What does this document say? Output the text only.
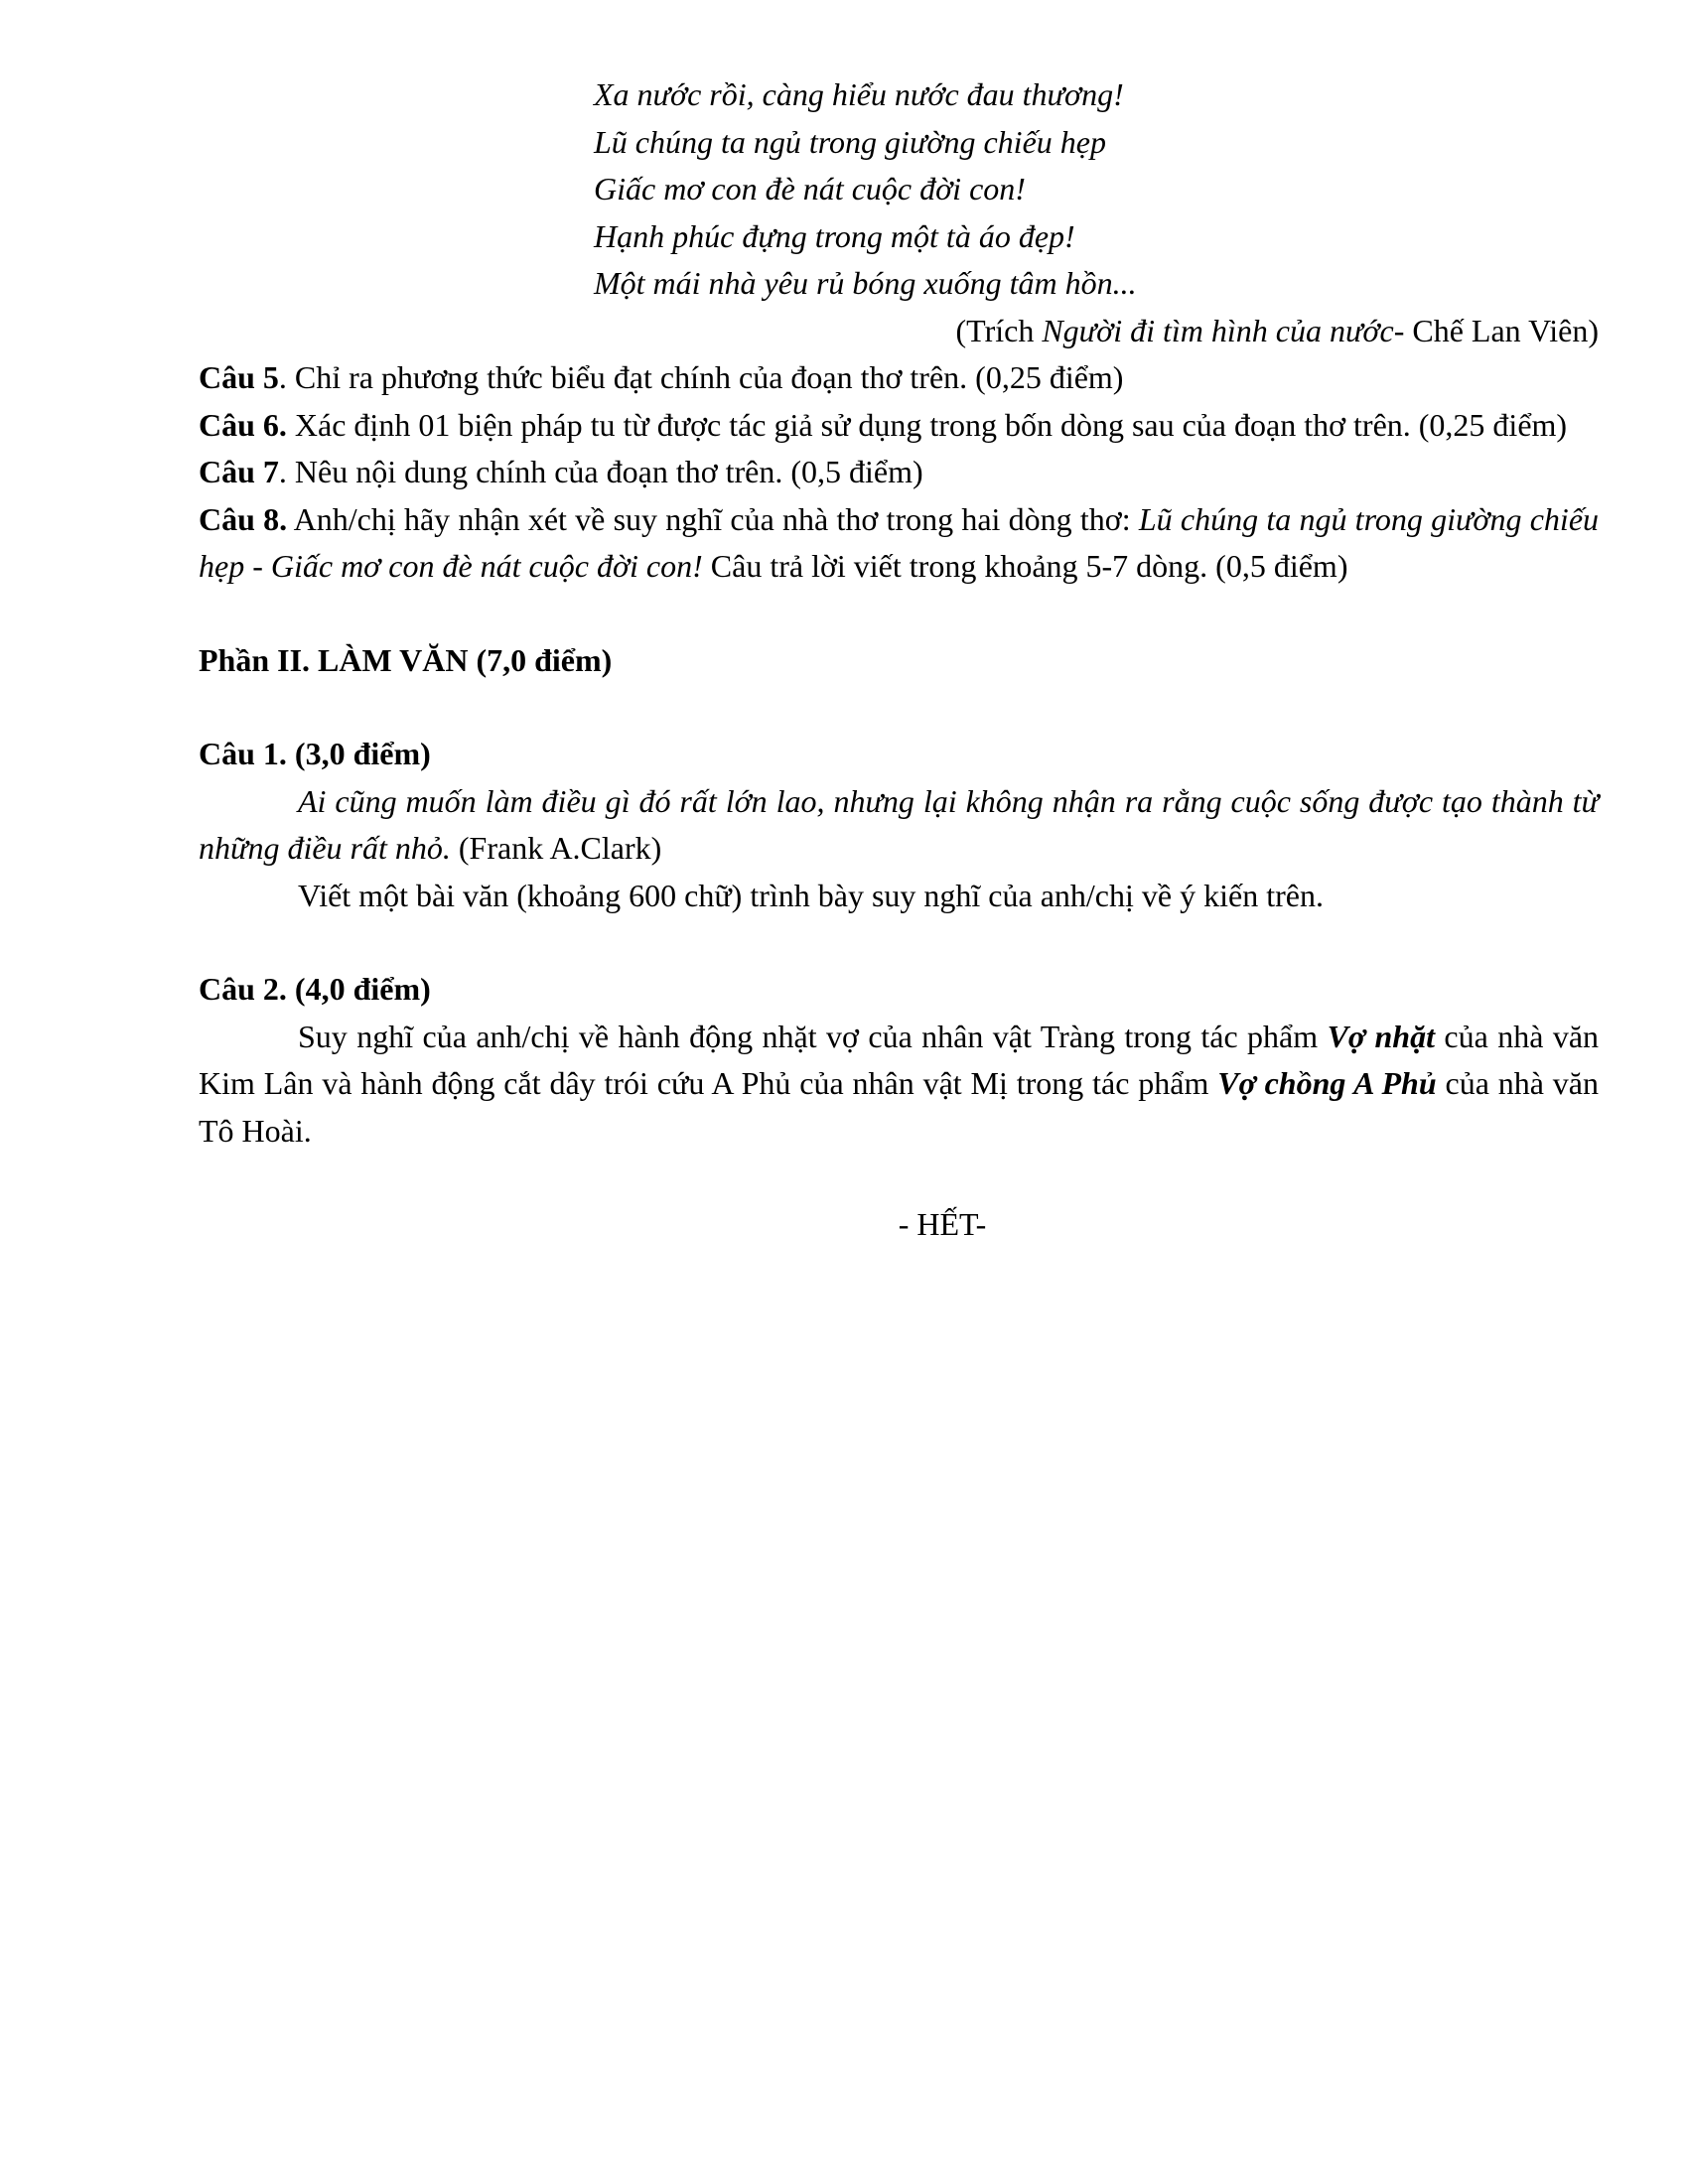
Xa nước rồi, càng hiểu nước đau thương!
Lũ chúng ta ngủ trong giường chiếu hẹp
Giấc mơ con đè nát cuộc đời con!
Hạnh phúc đựng trong một tà áo đẹp!
Một mái nhà yêu rủ bóng xuống tâm hồn...
(Trích Người đi tìm hình của nước- Chế Lan Viên)

Câu 5. Chỉ ra phương thức biểu đạt chính của đoạn thơ trên. (0,25 điểm)

Câu 6. Xác định 01 biện pháp tu từ được tác giả sử dụng trong bốn dòng sau của đoạn thơ trên. (0,25 điểm)

Câu 7. Nêu nội dung chính của đoạn thơ trên. (0,5 điểm)

Câu 8. Anh/chị hãy nhận xét về suy nghĩ của nhà thơ trong hai dòng thơ: Lũ chúng ta ngủ trong giường chiếu hẹp - Giấc mơ con đè nát cuộc đời con! Câu trả lời viết trong khoảng 5-7 dòng. (0,5 điểm)

Phần II. LÀM VĂN (7,0 điểm)

Câu 1. (3,0 điểm)

Ai cũng muốn làm điều gì đó rất lớn lao, nhưng lại không nhận ra rằng cuộc sống được tạo thành từ những điều rất nhỏ. (Frank A.Clark)

Viết một bài văn (khoảng 600 chữ) trình bày suy nghĩ của anh/chị về ý kiến trên.

Câu 2. (4,0 điểm)

Suy nghĩ của anh/chị về hành động nhặt vợ của nhân vật Tràng trong tác phẩm Vợ nhặt của nhà văn Kim Lân và hành động cắt dây trói cứu A Phủ của nhân vật Mị trong tác phẩm Vợ chồng A Phủ của nhà văn Tô Hoài.

- HẾT-
